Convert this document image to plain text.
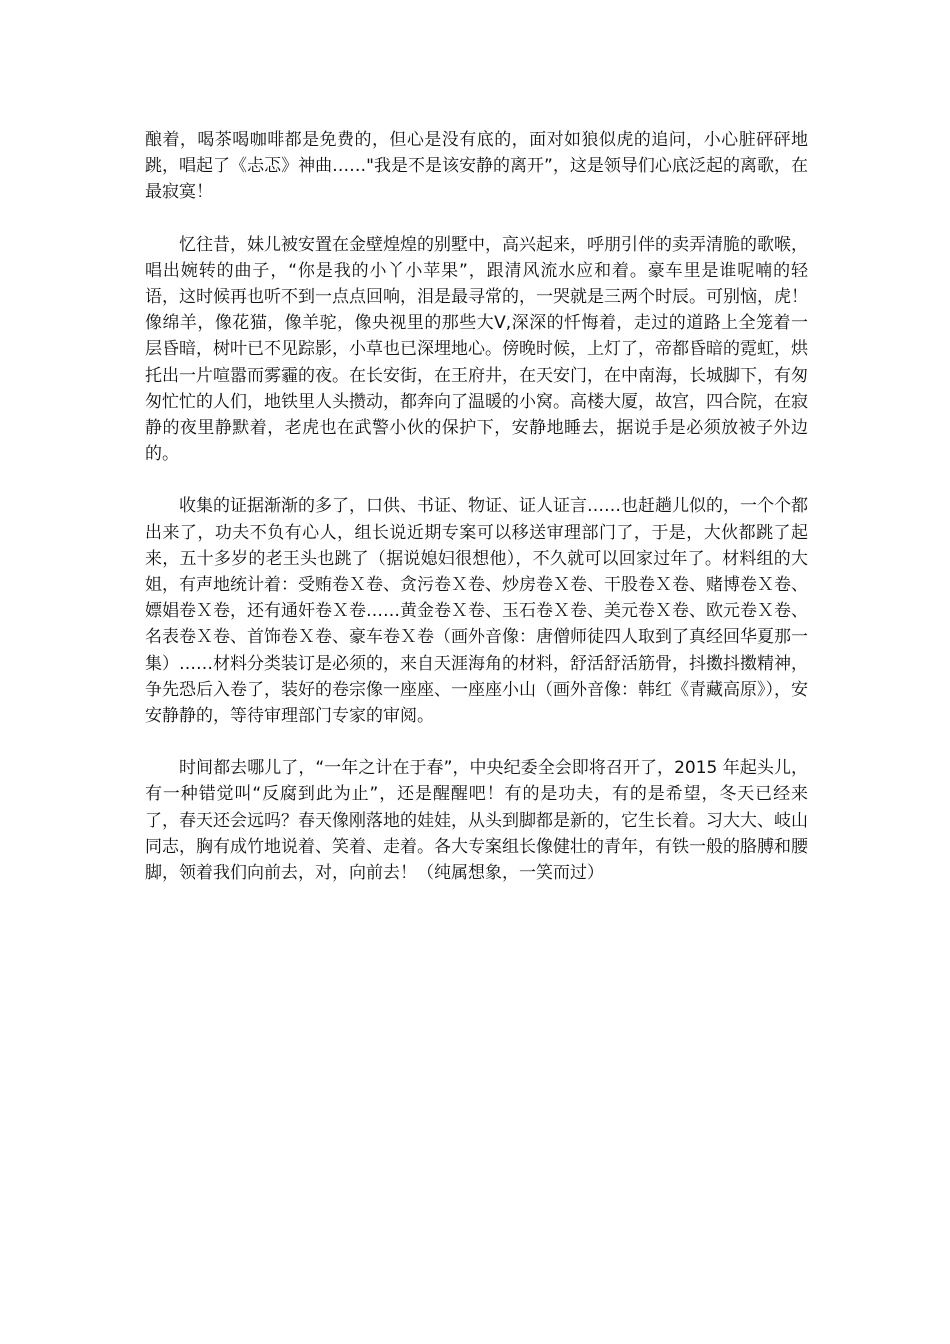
酿着，喝茶喝咖啡都是免费的，但心是没有底的，面对如狼似虎的追问，小心脏砰砰地跳，唱起了《忐忑》神曲……"我是不是该安静的离开”，这是领导们心底泛起的离歌，在最寂寞！

忆往昔，妹儿被安置在金壁煌煌的别墅中，高兴起来，呼朋引伴的卖弄清脆的歌喉，唱出婉转的曲子，“你是我的小丫小苹果”，跟清风流水应和着。豪车里是谁呢喃的轻语，这时候再也听不到一点点回响，泪是最寻常的，一哭就是三两个时辰。可别恼，虎！像绵羊，像花猫，像羊驼，像央视里的那些大V,深深的忏悔着，走过的道路上全笼着一层昏暗，树叶已不见踪影，小草也已深埋地心。傍晚时候，上灯了，帝都昏暗的霓虹，烘托出一片喧嚣而雾霾的夜。在长安街，在王府井，在天安门，在中南海，长城脚下，有匆匆忙忙的人们，地铁里人头攒动，都奔向了温暖的小窝。高楼大厦，故宫，四合院，在寂静的夜里静默着，老虎也在武警小伙的保护下，安静地睡去，据说手是必须放被子外边的。

收集的证据渐渐的多了，口供、书证、物证、证人证言……也赶趟儿似的，一个个都出来了，功夫不负有心人，组长说近期专案可以移送审理部门了，于是，大伙都跳了起来，五十多岁的老王头也跳了（据说媳妇很想他），不久就可以回家过年了。材料组的大姐，有声地统计着：受贿卷Ｘ卷、贪污卷Ｘ卷、炒房卷Ｘ卷、干股卷Ｘ卷、赌博卷Ｘ卷、嫖娼卷Ｘ卷，还有通奸卷Ｘ卷……黄金卷Ｘ卷、玉石卷Ｘ卷、美元卷Ｘ卷、欧元卷Ｘ卷、名表卷Ｘ卷、首饰卷Ｘ卷、豪车卷Ｘ卷（画外音像：唐僧师徒四人取到了真经回华夏那一集）……材料分类装订是必须的，来自天涯海角的材料，舒活舒活筋骨，抖擞抖擞精神，争先恐后入卷了，装好的卷宗像一座座、一座座小山（画外音像：韩红《青藏高原》），安安静静的，等待审理部门专家的审阅。

时间都去哪儿了，“一年之计在于春”，中央纪委全会即将召开了，2015 年起头儿，有一种错觉叫“反腐到此为止”，还是醒醒吧！有的是功夫，有的是希望，冬天已经来了，春天还会远吗？春天像刚落地的娃娃，从头到脚都是新的，它生长着。习大大、岐山同志，胸有成竹地说着、笑着、走着。各大专案组长像健壮的青年，有铁一般的胳膊和腰脚，领着我们向前去，对，向前去！（纯属想象，一笑而过）
